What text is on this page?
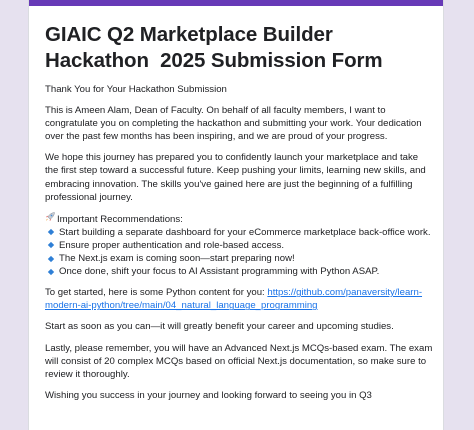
GIAIC Q2 Marketplace Builder Hackathon  2025 Submission Form

Thank You for Your Hackathon Submission

This is Ameen Alam, Dean of Faculty. On behalf of all faculty members, I want to congratulate you on completing the hackathon and submitting your work. Your dedication over the past few months has been inspiring, and we are proud of your progress.

We hope this journey has prepared you to confidently launch your marketplace and take the first step toward a successful future. Keep pushing your limits, learning new skills, and embracing innovation. The skills you've gained here are just the beginning of a fulfilling professional journey.

Important Recommendations:
Start building a separate dashboard for your eCommerce marketplace back-office work.
Ensure proper authentication and role-based access.
The Next.js exam is coming soon—start preparing now!
Once done, shift your focus to AI Assistant programming with Python ASAP.

To get started, here is some Python content for you: https://github.com/panaversity/learn-modern-ai-python/tree/main/04_natural_language_programming

Start as soon as you can—it will greatly benefit your career and upcoming studies.

Lastly, please remember, you will have an Advanced Next.js MCQs-based exam. The exam will consist of 20 complex MCQs based on official Next.js documentation, so make sure to review it thoroughly.

Wishing you success in your journey and looking forward to seeing you in Q3
